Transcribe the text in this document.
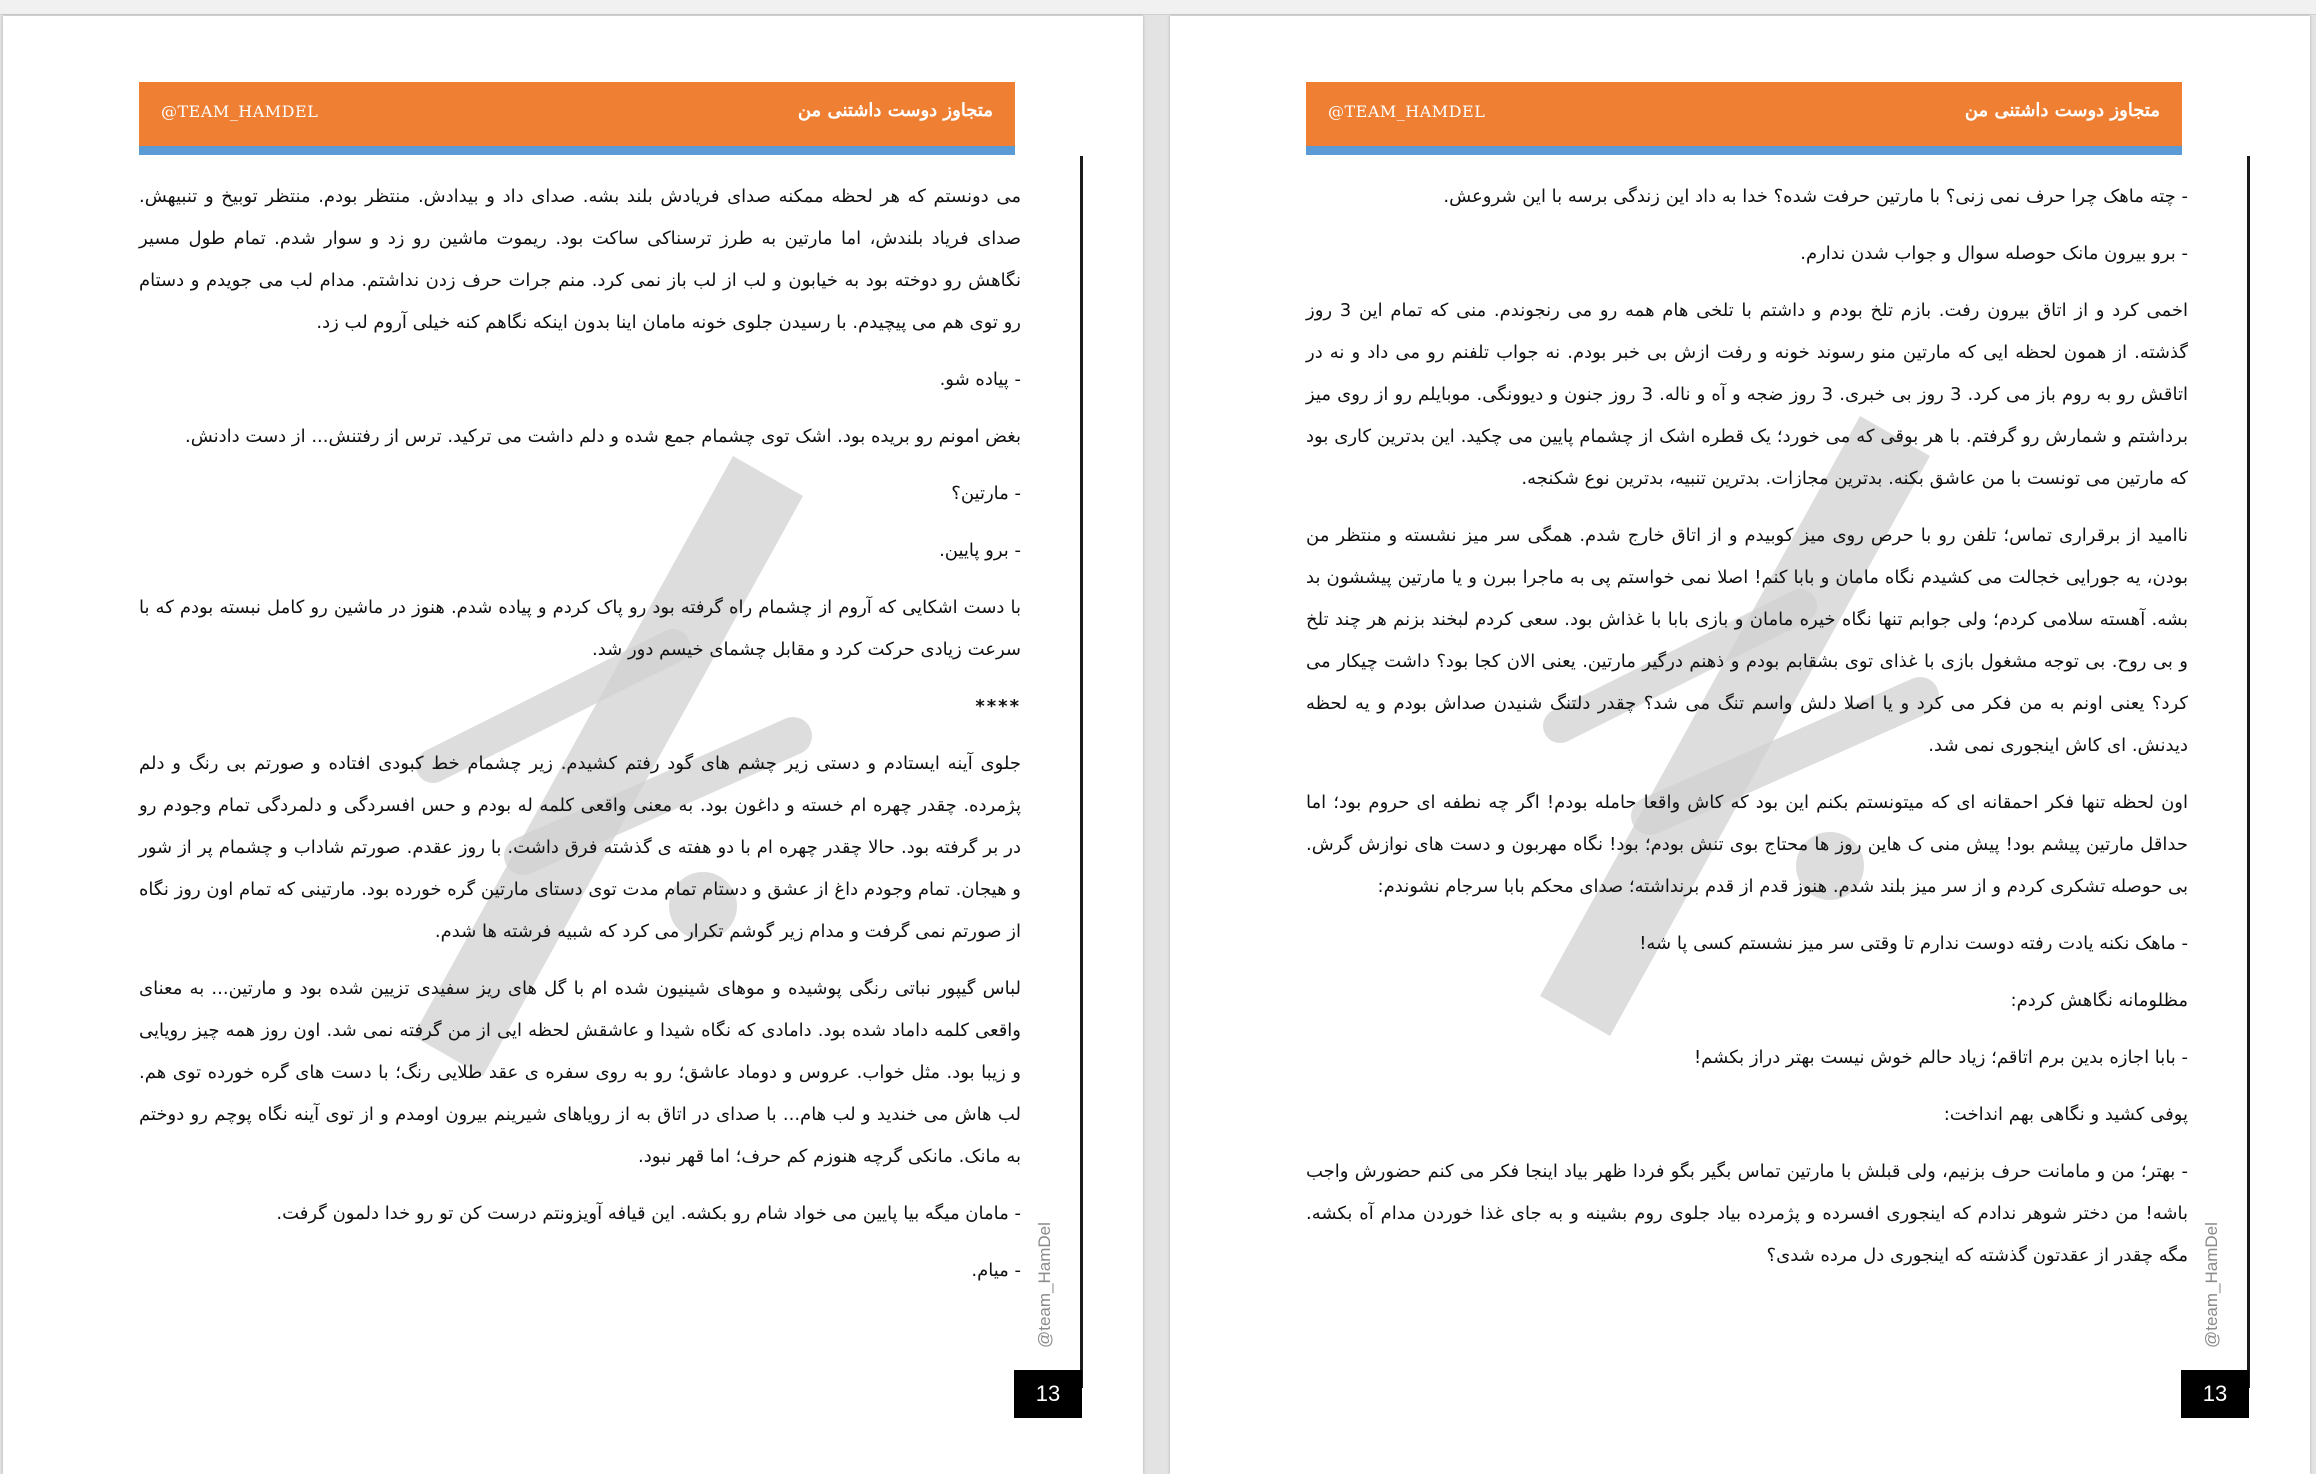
@TEAM_HAMDEL	متجاوز دوست داشتنی من

می دونستم که هر لحظه ممکنه صدای فریادش بلند بشه. صدای داد و بیدادش. منتظر بودم. منتظر توبیخ و تنبیهش. صدای فریاد بلندش، اما مارتین به طرز ترسناکی ساکت بود. ریموت ماشین رو زد و سوار شدم. تمام طول مسیر نگاهش رو دوخته بود به خیابون و لب از لب باز نمی کرد. منم جرات حرف زدن نداشتم. مدام لب می جویدم و دستام رو توی هم می پیچیدم. با رسیدن جلوی خونه مامان اینا بدون اینکه نگاهم کنه خیلی آروم لب زد.

- پیاده شو.

بغض امونم رو بریده بود. اشک توی چشمام جمع شده و دلم داشت می ترکید. ترس از رفتنش... از دست دادنش.

- مارتین؟

- برو پایین.

با دست اشکایی که آروم از چشمام راه گرفته بود رو پاک کردم و پیاده شدم. هنوز در ماشین رو کامل نبسته بودم که با سرعت زیادی حرکت کرد و مقابل چشمای خیسم دور شد.

****

جلوی آینه ایستادم و دستی زیر چشم های گود رفتم کشیدم. زیر چشمام خط کبودی افتاده و صورتم بی رنگ و دلم پژمرده. چقدر چهره ام خسته و داغون بود. به معنی واقعی کلمه له بودم و حس افسردگی و دلمردگی تمام وجودم رو در بر گرفته بود. حالا چقدر چهره ام با دو هفته ی گذشته فرق داشت. با روز عقدم. صورتم شاداب و چشمام پر از شور و هیجان. تمام وجودم داغ از عشق و دستام تمام مدت توی دستای مارتین گره خورده بود. مارتینی که تمام اون روز نگاه از صورتم نمی گرفت و مدام زیر گوشم تکرار می کرد که شبیه فرشته ها شدم.

لباس گیپور نباتی رنگی پوشیده و موهای شینیون شده ام با گل های ریز سفیدی تزیین شده بود و مارتین... به معنای واقعی کلمه داماد شده بود. دامادی که نگاه شیدا و عاشقش لحظه ایی از من گرفته نمی شد. اون روز همه چیز رویایی و زیبا بود. مثل خواب. عروس و دوماد عاشق؛ رو به روی سفره ی عقد طلایی رنگ؛ با دست های گره خورده توی هم. لب هاش می خندید و لب هام... با صدای در اتاق به از رویاهای شیرینم بیرون اومدم و از توی آینه نگاه پوچم رو دوختم به مانک. مانکی گرچه هنوزم کم حرف؛ اما قهر نبود.

- مامان میگه بیا پایین می خواد شام رو بکشه. این قیافه آویزونتم درست کن تو رو خدا دلمون گرفت.

- میام. @team_HamDel
13
@TEAM_HAMDEL	متجاوز دوست داشتنی من

- چته ماهک چرا حرف نمی زنی؟ با مارتین حرفت شده؟ خدا به داد این زندگی برسه با این شروعش.

- برو بیرون مانک حوصله سوال و جواب شدن ندارم.

اخمی کرد و از اتاق بیرون رفت. بازم تلخ بودم و داشتم با تلخی هام همه رو می رنجوندم. منی که تمام این 3 روز گذشته. از همون لحظه ایی که مارتین منو رسوند خونه و رفت ازش بی خبر بودم. نه جواب تلفنم رو می داد و نه در اتاقش رو به روم باز می کرد. 3 روز بی خبری. 3 روز ضجه و آه و ناله. 3 روز جنون و دیوونگی. موبایلم رو از روی میز برداشتم و شمارش رو گرفتم. با هر بوقی که می خورد؛ یک قطره اشک از چشمام پایین می چکید. این بدترین کاری بود که مارتین می تونست با من عاشق بکنه. بدترین مجازات. بدترین تنبیه، بدترین نوع شکنجه.

ناامید از برقراری تماس؛ تلفن رو با حرص روی میز کوبیدم و از اتاق خارج شدم. همگی سر میز نشسته و منتظر من بودن، یه جورایی خجالت می کشیدم نگاه مامان و بابا کنم! اصلا نمی خواستم پی به ماجرا ببرن و یا مارتین پیششون بد بشه. آهسته سلامی کردم؛ ولی جوابم تنها نگاه خیره مامان و بازی بابا با غذاش بود. سعی کردم لبخند بزنم هر چند تلخ و بی روح. بی توجه مشغول بازی با غذای توی بشقابم بودم و ذهنم درگیر مارتین. یعنی الان کجا بود؟ داشت چیکار می کرد؟ یعنی اونم به من فکر می کرد و یا اصلا دلش واسم تنگ می شد؟ چقدر دلتنگ شنیدن صداش بودم و یه لحظه دیدنش. ای کاش اینجوری نمی شد.

اون لحظه تنها فکر احمقانه ای که میتونستم بکنم این بود که کاش واقعا حامله بودم! اگر چه نطفه ای حروم بود؛ اما حداقل مارتین پیشم بود! پیش منی ک هاین روز ها محتاج بوی تنش بودم؛ بود! نگاه مهربون و دست های نوازش گرش. بی حوصله تشکری کردم و از سر میز بلند شدم. هنوز قدم از قدم برنداشته؛ صدای محکم بابا سرجام نشوندم:

- ماهک نکنه یادت رفته دوست ندارم تا وقتی سر میز نشستم کسی پا شه!

مظلومانه نگاهش کردم:

- بابا اجازه بدین برم اتاقم؛ زیاد حالم خوش نیست بهتر دراز بکشم!

پوفی کشید و نگاهی بهم انداخت:

- بهتر؛ من و مامانت حرف بزنیم، ولی قبلش با مارتین تماس بگیر بگو فردا ظهر بیاد اینجا فکر می کنم حضورش واجب باشه! من دختر شوهر ندادم که اینجوری افسرده و پژمرده بیاد جلوی روم بشینه و به جای غذا خوردن مدام آه بکشه. مگه چقدر از عقدتون گذشته که اینجوری دل مرده شدی؟ @team_HamDel
13
